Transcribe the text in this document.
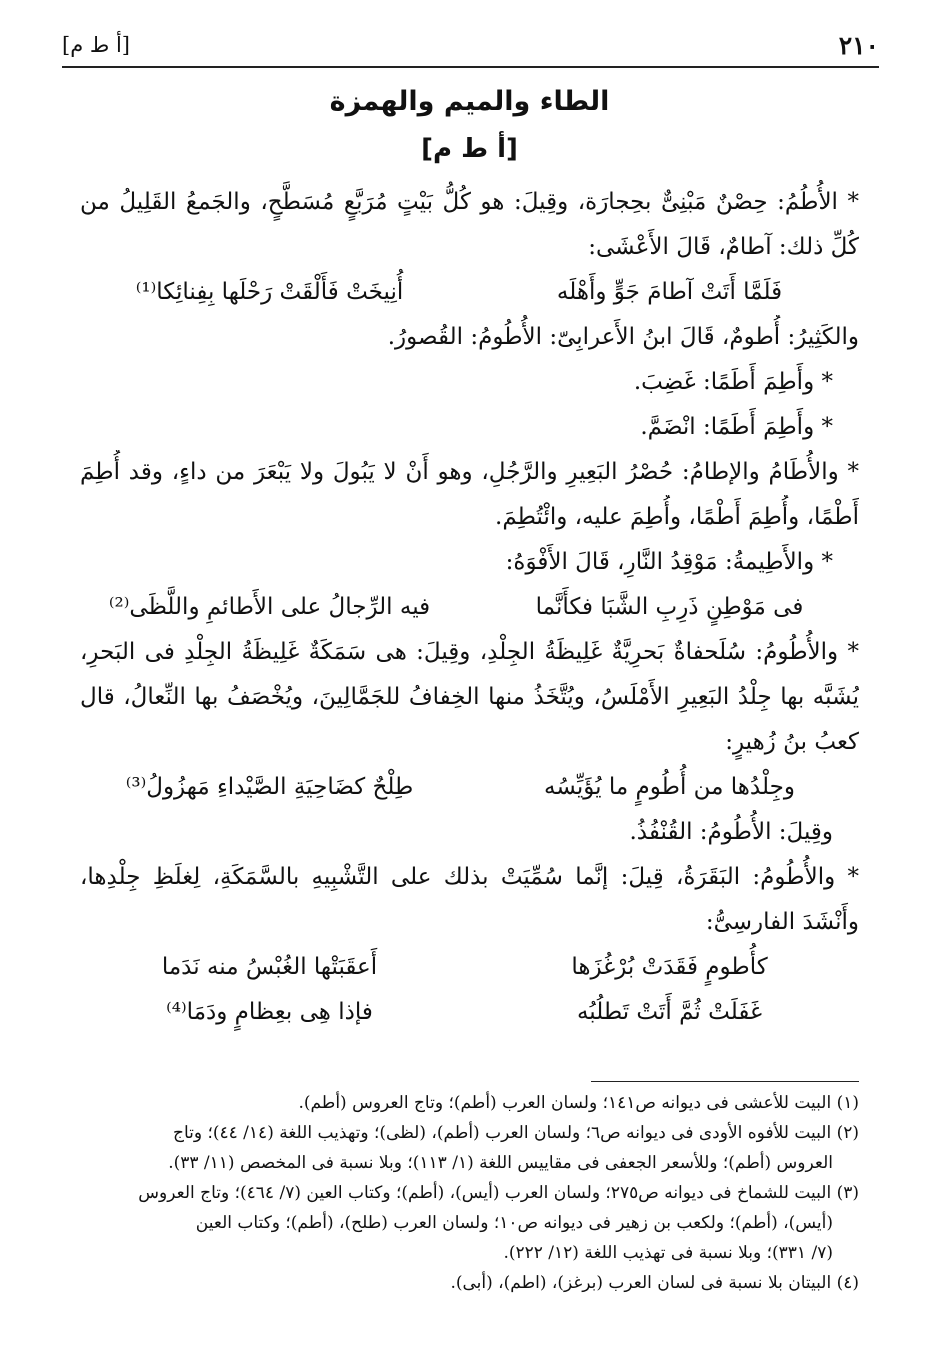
٢١٠
[أ ط م]
الطاء والميم والهمزة
[أ ط م]

* الأُطُمُ: حِصْنٌ مَبْنِىٌّ بحِجارَة، وقِيلَ: هو كُلُّ بَيْتٍ مُرَبَّعٍ مُسَطَّحٍ، والجَمعُ القَلِيلُ من
كُلِّ ذلك: آطامٌ، قَالَ الأَعْشَى:

فَلَمَّا أَتَتْ آطامَ جَوٍّ وأَهْلَه
أُنِيخَتْ فَأَلْقَتْ رَحْلَها بِفِنائِكا⁽¹⁾

والكَثِيرُ: أُطومٌ، قَالَ ابنُ الأَعرابِىّ: الأُطُومُ: القُصورُ.

* وأَطِمَ أَطَمًا: غَضِبَ.

* وأَطِمَ أَطَمًا: انْضَمَّ.

* والأُطَامُ والإطامُ: حُصْرُ البَعِيرِ والرَّجُلِ، وهو أَنْ لا يَبُولَ ولا يَبْعَرَ من داءٍ، وقد أُطِمَ
أَطْمًا، وأُطِمَ أَطْمًا، وأُطِمَ عليه، وائْتُطِمَ.

* والأَطِيمةُ: مَوْقِدُ النَّارِ، قَالَ الأَفْوَهُ:

فى مَوْطِنٍ ذَرِبِ الشَّبَا فكأَنَّما
فيه الرِّجالُ على الأَطائمِ واللَّظَى⁽²⁾

* والأُطُومُ: سُلَحفاةٌ بَحرِيَّةٌ غَلِيظَةُ الجِلْدِ، وقِيلَ: هى سَمَكَةٌ غَلِيظَةُ الجِلْدِ فى البَحرِ،
يُشَبَّه بها جِلْدُ البَعِيرِ الأَمْلَسُ، ويُتَّخَذُ منها الخِفافُ للجَمَّالِينَ، ويُخْصَفُ بها النِّعالُ، قال
كعبُ بنُ زُهيرٍ:

وجِلْدُها من أُطُومٍ ما يُؤَيِّسُه
طِلْحٌ كضَاحِيَةِ الصَّيْداءِ مَهزُولُ⁽³⁾

وقِيلَ: الأُطُومُ: القُنْفُذُ.

* والأُطُومُ: البَقَرَةُ، قِيلَ: إنَّما سُمِّيَتْ بذلك على التَّشْبِيهِ بالسَّمَكَةِ، لِغلَظِ جِلْدِها،
وأَنْشَدَ الفارسِىُّ:

كأُطومٍ فَقَدَتْ بُرْغُزَها
أَعقَبَتْها الغُبْسُ منه نَدَما
غَفَلَتْ ثُمَّ أَتَتْ تَطلُبُه
فإذا هِى بعِظامٍ ودَمَا⁽⁴⁾

(١) البيت للأعشى فى ديوانه ص١٤١؛ ولسان العرب (أطم)؛ وتاج العروس (أطم).

(٢) البيت للأفوه الأودى فى ديوانه ص٦؛ ولسان العرب (أطم)، (لظى)؛ وتهذيب اللغة (١٤/ ٤٤)؛ وتاج
العروس (أطم)؛ وللأسعر الجعفى فى مقاييس اللغة (١/ ١١٣)؛ وبلا نسبة فى المخصص (١١/ ٣٣).

(٣) البيت للشماخ فى ديوانه ص٢٧٥؛ ولسان العرب (أيس)، (أطم)؛ وكتاب العين (٧/ ٤٦٤)؛ وتاج العروس
(أيس)، (أطم)؛ ولكعب بن زهير فى ديوانه ص١٠؛ ولسان العرب (طلح)، (أطم)؛ وكتاب العين
(٧/ ٣٣١)؛ وبلا نسبة فى تهذيب اللغة (١٢/ ٢٢٢).

(٤) البيتان بلا نسبة فى لسان العرب (برغز)، (اطم)، (أبى).
